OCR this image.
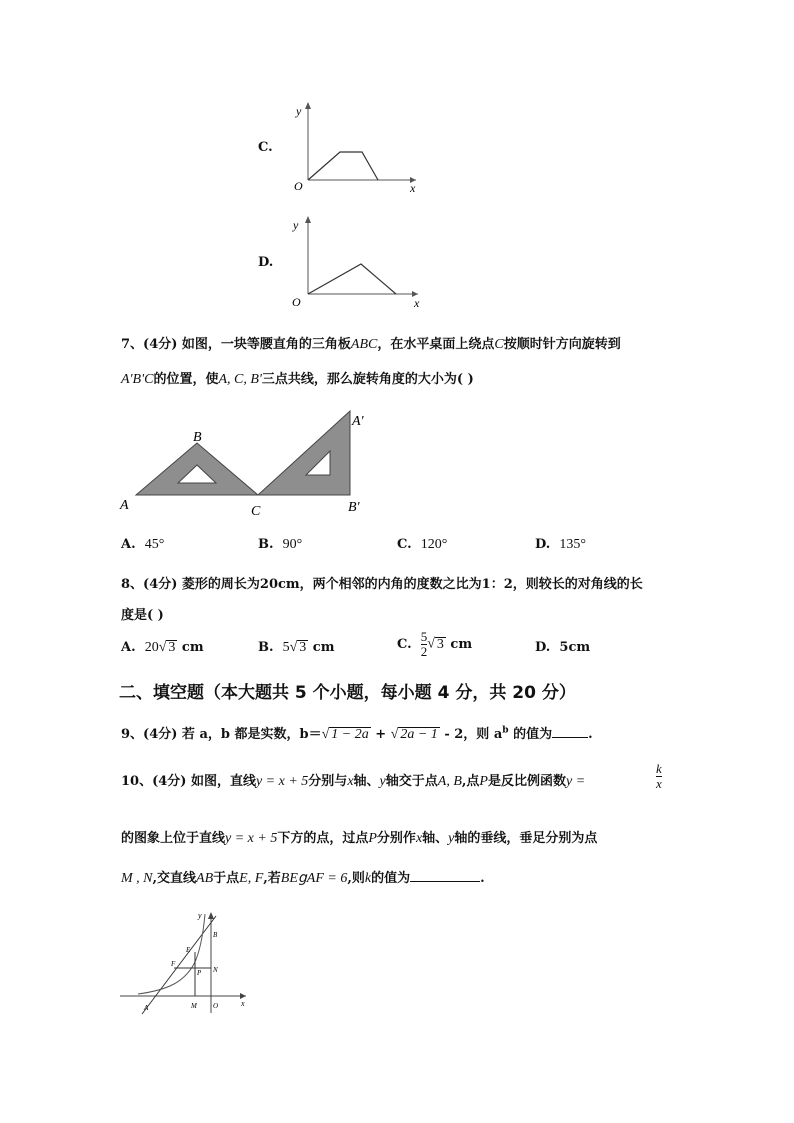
C.
y
O	x
D.
y
O	x
7、(4分) 如图，一块等腰直角的三角板ABC，在水平桌面上绕点C按顺时针方向旋转到
A'B'C的位置，使A, C, B'三点共线，那么旋转角度的大小为( )
A
B
C
A'
B'
A. 45°	B. 90°	C. 120°	D. 135°
8、(4分) 菱形的周长为20cm，两个相邻的内角的度数之比为1：2，则较长的对角线的长
度是( )
A. 20√ 3 cm	B. 5√ 3 cm	C. $\frac{5}{2}$ √ 3 cm	D. 5cm
二、填空题（本大题共 5 个小题，每小题 4 分，共 20 分）
9、(4分) 若 a，b 都是实数，b＝√ 1 − 2a + √ 2a − 1 - 2，则 $a^b$ 的值为	.
10、(4分) 如图，直线y = x + 5分别与x轴、y轴交于点A, B,点P是反比例函数y =	$\frac{k}{x}$
的图象上位于直线y = x + 5下方的点，过点P分别作x轴、y轴的垂线，垂足分别为点
M , N,交直线AB于点E, F,若BE𝗀AF = 6,则k的值为	.
y
x
B
E
F
P N
A	M O
